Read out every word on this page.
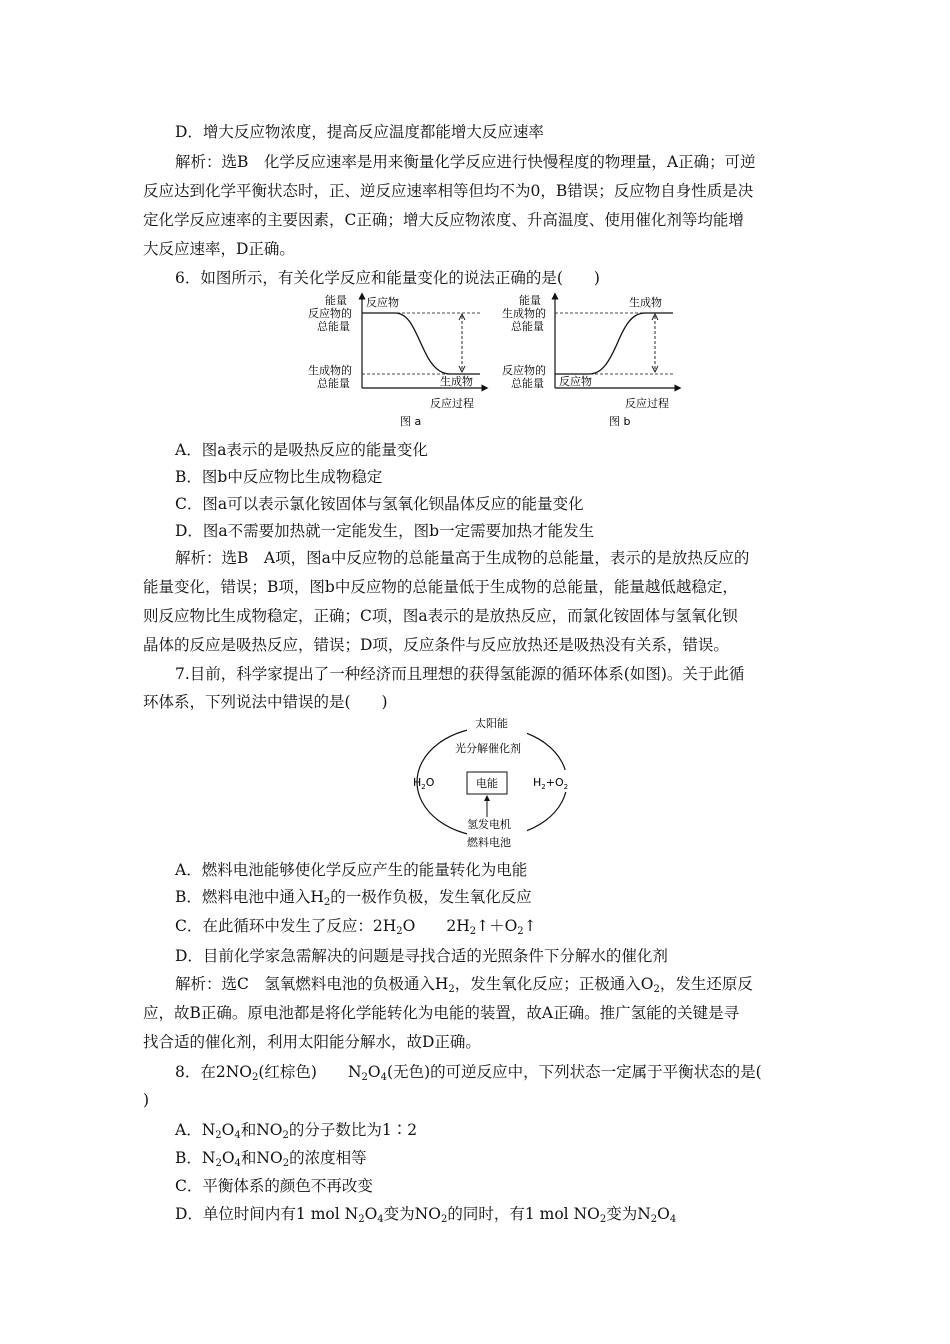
D．增大反应物浓度，提高反应温度都能增大反应速率
解析：选B　化学反应速率是用来衡量化学反应进行快慢程度的物理量，A正确；可逆
反应达到化学平衡状态时，正、逆反应速率相等但均不为0，B错误；反应物自身性质是决
定化学反应速率的主要因素，C正确；增大反应物浓度、升高温度、使用催化剂等均能增
大反应速率，D正确。
6．如图所示，有关化学反应和能量变化的说法正确的是(　　)
能量 反应物
反应物的
总能量
生成物的
总能量	生成物
反应过程
图 a
能量	生成物
生成物的
总能量
反应物的
总能量 反应物
反应过程
图 b
A．图a表示的是吸热反应的能量变化
B．图b中反应物比生成物稳定
C．图a可以表示氯化铵固体与氢氧化钡晶体反应的能量变化
D．图a不需要加热就一定能发生，图b一定需要加热才能发生
解析：选B　A项，图a中反应物的总能量高于生成物的总能量，表示的是放热反应的
能量变化，错误；B项，图b中反应物的总能量低于生成物的总能量，能量越低越稳定，
则反应物比生成物稳定，正确；C项，图a表示的是放热反应，而氯化铵固体与氢氧化钡
晶体的反应是吸热反应，错误；D项，反应条件与反应放热还是吸热没有关系，错误。
7.目前，科学家提出了一种经济而且理想的获得氢能源的循环体系(如图)。关于此循
环体系，下列说法中错误的是(　　)
太阳能
光分解催化剂
$H_2O$	电能	$H_2+O_2$
氢发电机
燃料电池
A．燃料电池能够使化学反应产生的能量转化为电能
B．燃料电池中通入$H_2$的一极作负极，发生氧化反应
C．在此循环中发生了反应：$2H_2O$　　$2H_2↑+O_2↑$
D．目前化学家急需解决的问题是寻找合适的光照条件下分解水的催化剂
解析：选C　氢氧燃料电池的负极通入$H_2$，发生氧化反应；正极通入$O_2$，发生还原反
应，故B正确。原电池都是将化学能转化为电能的装置，故A正确。推广氢能的关键是寻
找合适的催化剂，利用太阳能分解水，故D正确。
8．在$2NO_2$(红棕色)　　$N_2O_4$(无色)的可逆反应中，下列状态一定属于平衡状态的是(
)
A．$N_2O_4$和$NO_2$的分子数比为1∶2
B．$N_2O_4$和$NO_2$的浓度相等
C．平衡体系的颜色不再改变
D．单位时间内有1 mol $N_2O_4$变为$NO_2$的同时，有1 mol $NO_2$变为$N_2O_4$
